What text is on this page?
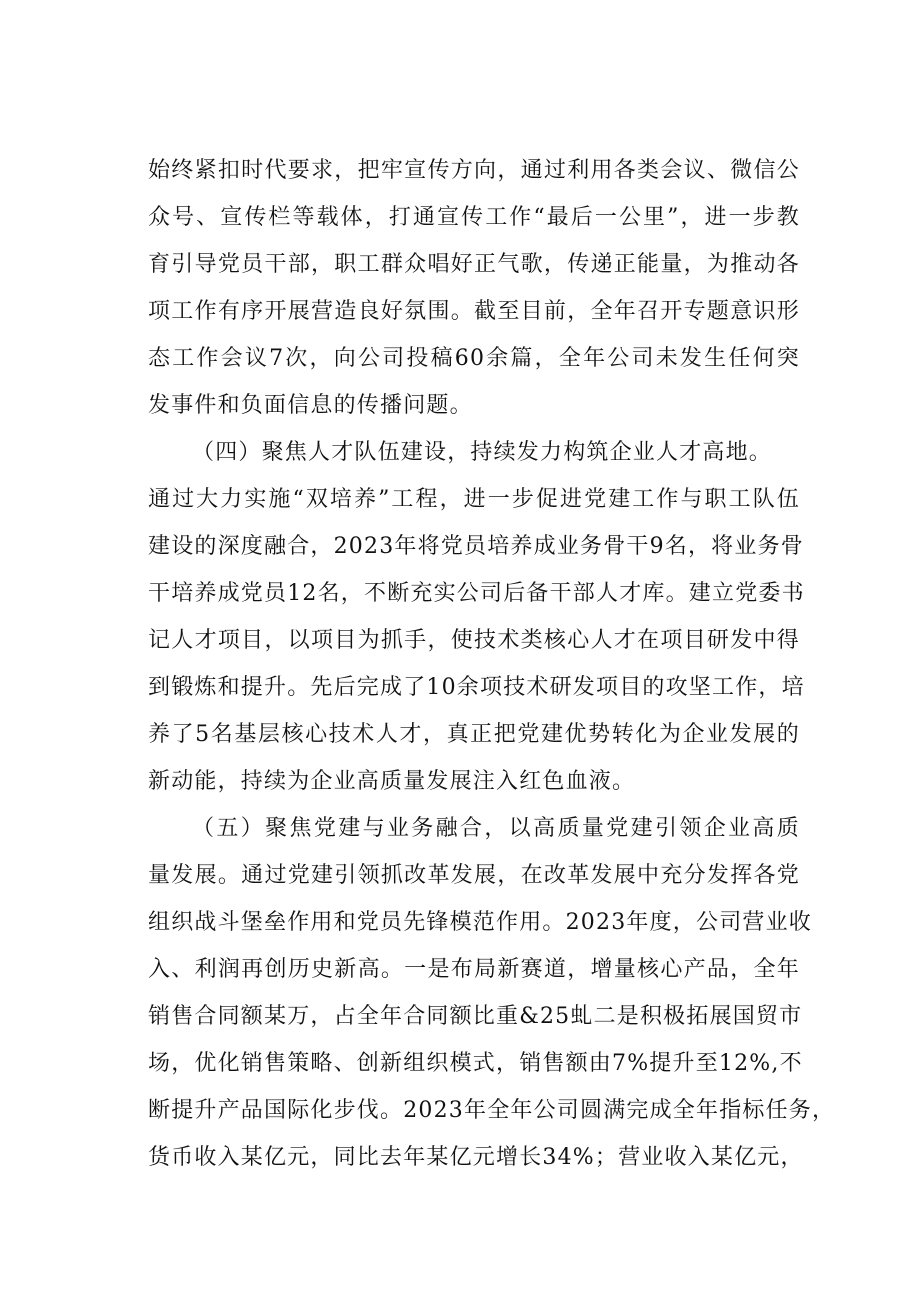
始终紧扣时代要求，把牢宣传方向，通过利用各类会议、微信公
众号、宣传栏等载体，打通宣传工作“最后一公里”，进一步教
育引导党员干部，职工群众唱好正气歌，传递正能量，为推动各
项工作有序开展营造良好氛围。截至目前，全年召开专题意识形
态工作会议7次，向公司投稿60余篇，全年公司未发生任何突
发事件和负面信息的传播问题。
（四）聚焦人才队伍建设，持续发力构筑企业人才高地。
通过大力实施“双培养”工程，进一步促进党建工作与职工队伍
建设的深度融合，2023年将党员培养成业务骨干9名，将业务骨
干培养成党员12名，不断充实公司后备干部人才库。建立党委书
记人才项目，以项目为抓手，使技术类核心人才在项目研发中得
到锻炼和提升。先后完成了10余项技术研发项目的攻坚工作，培
养了5名基层核心技术人才，真正把党建优势转化为企业发展的
新动能，持续为企业高质量发展注入红色血液。
（五）聚焦党建与业务融合，以高质量党建引领企业高质
量发展。通过党建引领抓改革发展，在改革发展中充分发挥各党
组织战斗堡垒作用和党员先锋模范作用。2023年度，公司营业收
入、利润再创历史新高。一是布局新赛道，增量核心产品，全年
销售合同额某万，占全年合同额比重&25虬二是积极拓展国贸市
场，优化销售策略、创新组织模式，销售额由7%提升至12%,不
断提升产品国际化步伐。2023年全年公司圆满完成全年指标任务，
货币收入某亿元，同比去年某亿元增长34%；营业收入某亿元，
